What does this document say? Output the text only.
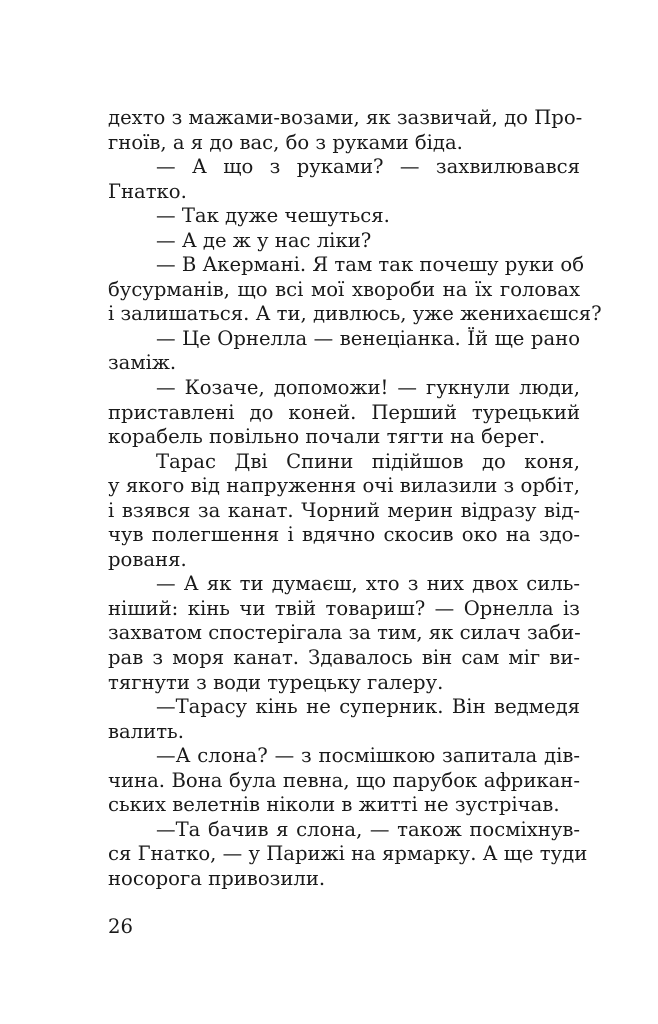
дехто з мажами-возами, як зазвичай, до Про-
гноїв, а я до вас, бо з руками біда.
— А що з руками? — захвилювався
Гнатко.
— Так дуже чешуться.
— А де ж у нас ліки?
— В Акермані. Я там так почешу руки об
бусурманів, що всі мої хвороби на їх головах
і залишаться. А ти, дивлюсь, уже женихаєшся?
— Це Орнелла — венеціанка. Їй ще рано
заміж.
— Козаче, допоможи! — гукнули люди,
приставлені до коней. Перший турецький
корабель повільно почали тягти на берег.
Тарас Дві Спини підійшов до коня,
у якого від напруження очі вилазили з орбіт,
і взявся за канат. Чорний мерин відразу від-
чув полегшення і вдячно скосив око на здо-
рованя.
— А як ти думаєш, хто з них двох силь-
ніший: кінь чи твій товариш? — Орнелла із
захватом спостерігала за тим, як силач заби-
рав з моря канат. Здавалось він сам міг ви-
тягнути з води турецьку галеру.
—Тарасу кінь не суперник. Він ведмедя
валить.
—А слона? — з посмішкою запитала дів-
чина. Вона була певна, що парубок африкан-
ських велетнів ніколи в житті не зустрічав.
—Та бачив я слона, — також посміхнув-
ся Гнатко, — у Парижі на ярмарку. А ще туди
носорога привозили.
26
